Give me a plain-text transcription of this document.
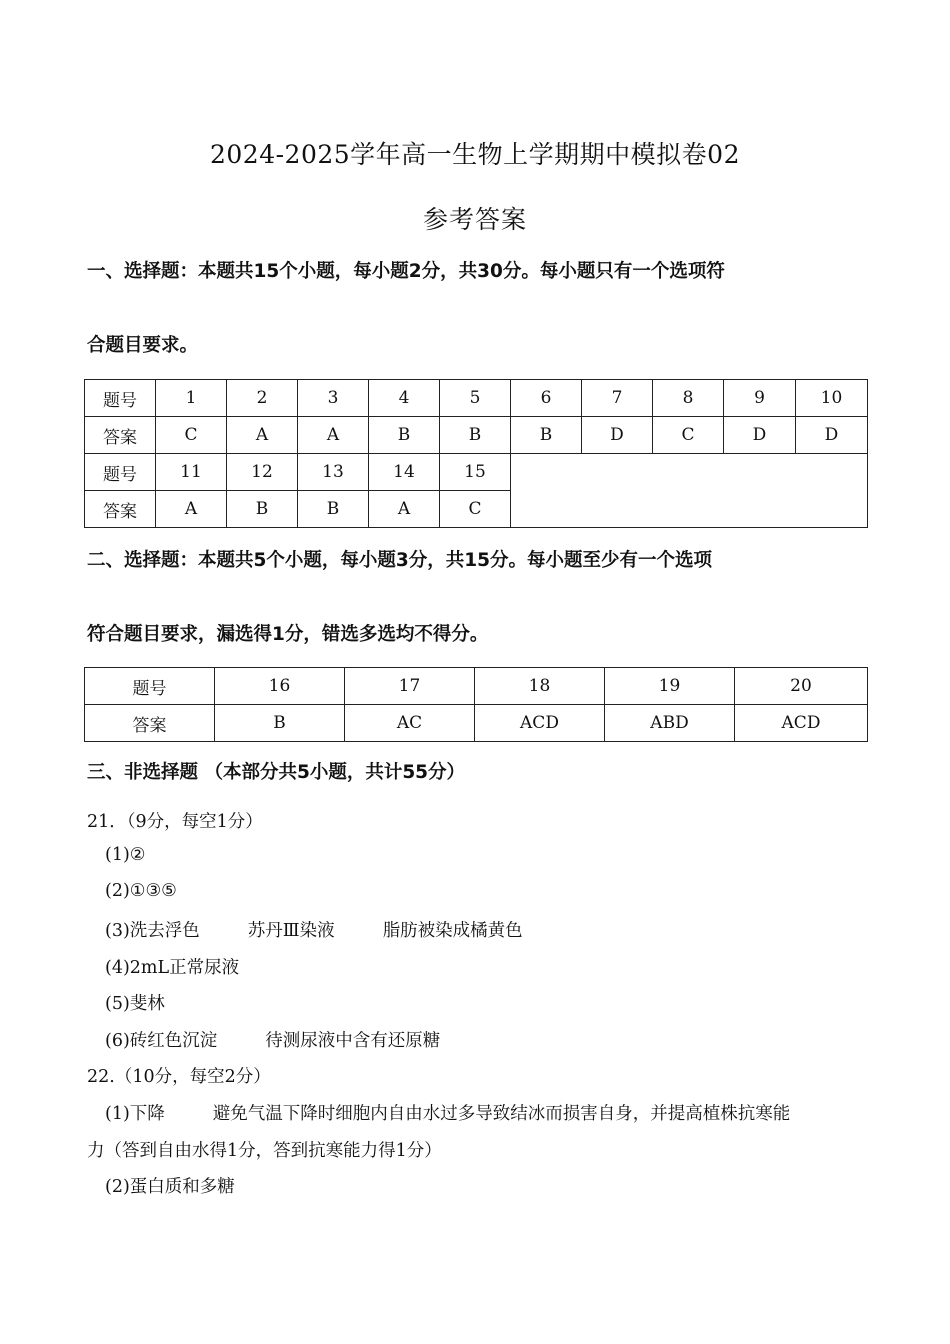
2024-2025学年高一生物上学期期中模拟卷02
参考答案
一、选择题：本题共15个小题，每小题2分，共30分。每小题只有一个选项符
合题目要求。
题号	1	2	3	4	5	6	7	8	9	10
答案	C	A	A	B	B	B	D	C	D	D
题号	11	12	13	14	15					
答案	A	B	B	A	C					
二、选择题：本题共5个小题，每小题3分，共15分。每小题至少有一个选项
符合题目要求，漏选得1分，错选多选均不得分。
题号	16	17	18	19	20
答案	B	AC	ACD	ABD	ACD
三、非选择题 （本部分共5小题，共计55分）
21．（9分，每空1分）
(1)②
(2)①③⑤
(3)洗去浮色	苏丹Ⅲ染液	脂肪被染成橘黄色
(4)2mL正常尿液
(5)斐林
(6)砖红色沉淀	待测尿液中含有还原糖
22.（10分，每空2分）
(1)下降	避免气温下降时细胞内自由水过多导致结冰而损害自身，并提高植株抗寒能
力（答到自由水得1分，答到抗寒能力得1分）
(2)蛋白质和多糖
